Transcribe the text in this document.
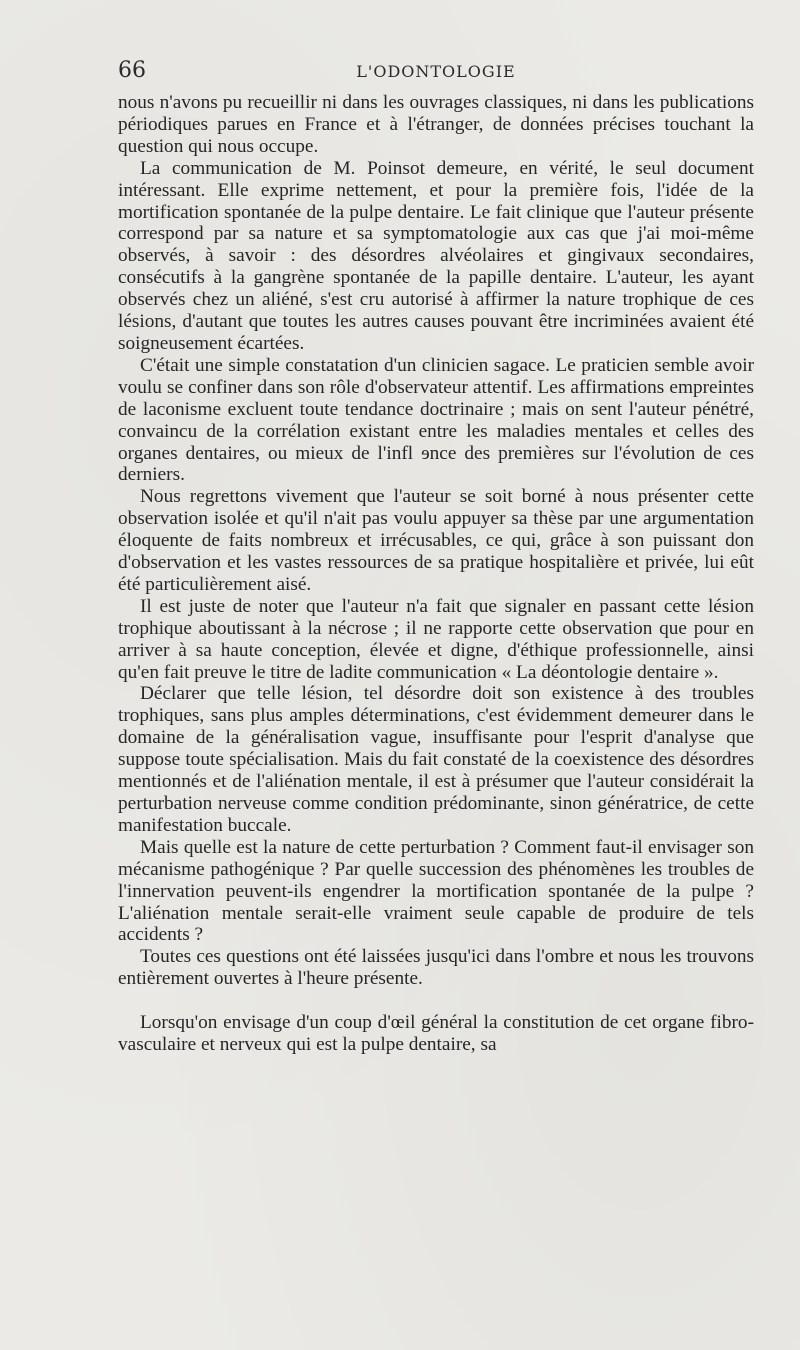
66	L'ODONTOLOGIE

nous n'avons pu recueillir ni dans les ouvrages classiques, ni dans les publications périodiques parues en France et à l'étranger, de données précises touchant la question qui nous occupe.

La communication de M. Poinsot demeure, en vérité, le seul document intéressant. Elle exprime nettement, et pour la première fois, l'idée de la mortification spontanée de la pulpe dentaire. Le fait clinique que l'auteur présente correspond par sa nature et sa symptomatologie aux cas que j'ai moi-même observés, à savoir : des désordres alvéolaires et gingivaux secondaires, consécutifs à la gangrène spontanée de la papille dentaire. L'auteur, les ayant observés chez un aliéné, s'est cru autorisé à affirmer la nature trophique de ces lésions, d'autant que toutes les autres causes pouvant être incriminées avaient été soigneusement écartées.

C'était une simple constatation d'un clinicien sagace. Le praticien semble avoir voulu se confiner dans son rôle d'observateur attentif. Les affirmations empreintes de laconisme excluent toute tendance doctrinaire ; mais on sent l'auteur pénétré, convaincu de la corrélation existant entre les maladies mentales et celles des organes dentaires, ou mieux de l'infl ɘnce des premières sur l'évolution de ces derniers.

Nous regrettons vivement que l'auteur se soit borné à nous présenter cette observation isolée et qu'il n'ait pas voulu appuyer sa thèse par une argumentation éloquente de faits nombreux et irrécusables, ce qui, grâce à son puissant don d'observation et les vastes ressources de sa pratique hospitalière et privée, lui eût été particulièrement aisé.

Il est juste de noter que l'auteur n'a fait que signaler en passant cette lésion trophique aboutissant à la nécrose ; il ne rapporte cette observation que pour en arriver à sa haute conception, élevée et digne, d'éthique professionnelle, ainsi qu'en fait preuve le titre de ladite communication « La déontologie dentaire ».

Déclarer que telle lésion, tel désordre doit son existence à des troubles trophiques, sans plus amples déterminations, c'est évidemment demeurer dans le domaine de la généralisation vague, insuffisante pour l'esprit d'analyse que suppose toute spécialisation. Mais du fait constaté de la coexistence des désordres mentionnés et de l'aliénation mentale, il est à présumer que l'auteur considérait la perturbation nerveuse comme condition prédominante, sinon génératrice, de cette manifestation buccale.

Mais quelle est la nature de cette perturbation ? Comment faut-il envisager son mécanisme pathogénique ? Par quelle succession des phénomènes les troubles de l'innervation peuvent-ils engendrer la mortification spontanée de la pulpe ? L'aliénation mentale serait-elle vraiment seule capable de produire de tels accidents ?

Toutes ces questions ont été laissées jusqu'ici dans l'ombre et nous les trouvons entièrement ouvertes à l'heure présente.

Lorsqu'on envisage d'un coup d'œil général la constitution de cet organe fibro-vasculaire et nerveux qui est la pulpe dentaire, sa
